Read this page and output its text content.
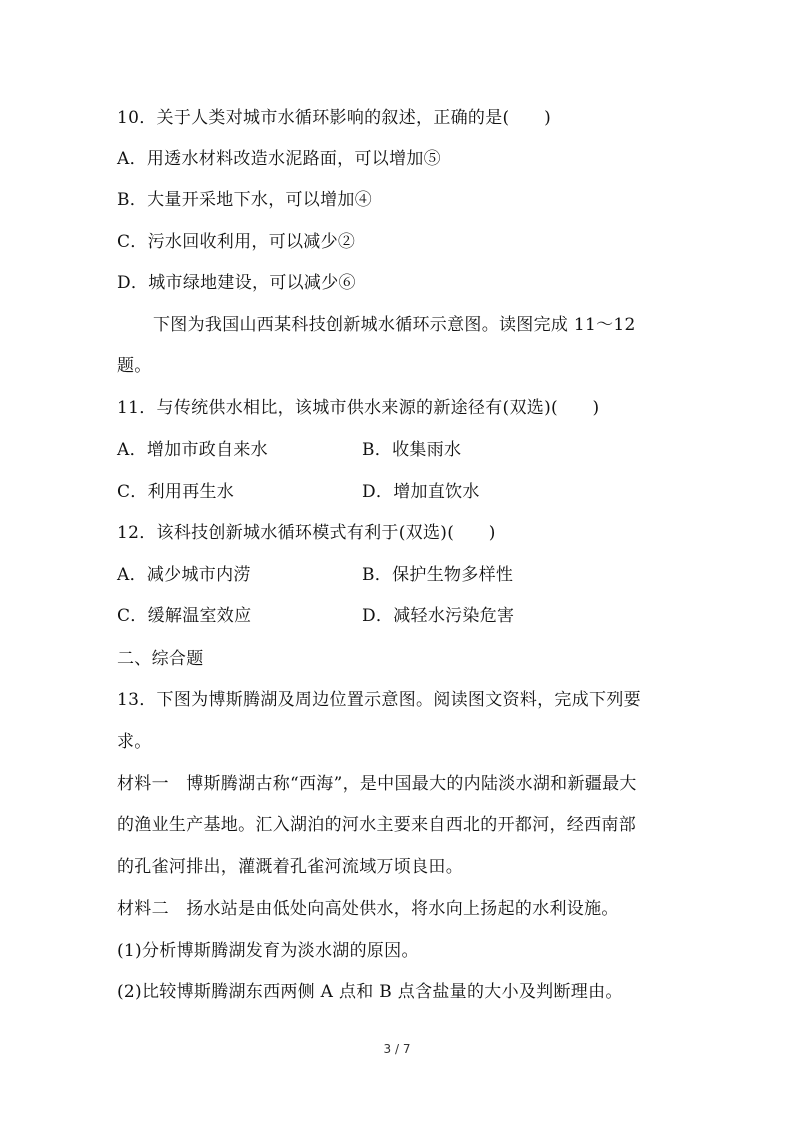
10．关于人类对城市水循环影响的叙述，正确的是(　　)
A．用透水材料改造水泥路面，可以增加⑤
B．大量开采地下水，可以增加④
C．污水回收利用，可以减少②
D．城市绿地建设，可以减少⑥
下图为我国山西某科技创新城水循环示意图。读图完成 11～12
题。
11．与传统供水相比，该城市供水来源的新途径有(双选)(　　)
A．增加市政自来水	B．收集雨水
C．利用再生水	D．增加直饮水
12．该科技创新城水循环模式有利于(双选)(　　)
A．减少城市内涝	B．保护生物多样性
C．缓解温室效应	D．减轻水污染危害
二、综合题
13．下图为博斯腾湖及周边位置示意图。阅读图文资料，完成下列要
求。
材料一　博斯腾湖古称“西海”，是中国最大的内陆淡水湖和新疆最大
的渔业生产基地。汇入湖泊的河水主要来自西北的开都河，经西南部
的孔雀河排出，灌溉着孔雀河流域万顷良田。
材料二　扬水站是由低处向高处供水，将水向上扬起的水利设施。
(1)分析博斯腾湖发育为淡水湖的原因。
(2)比较博斯腾湖东西两侧 A 点和 B 点含盐量的大小及判断理由。
3 / 7
